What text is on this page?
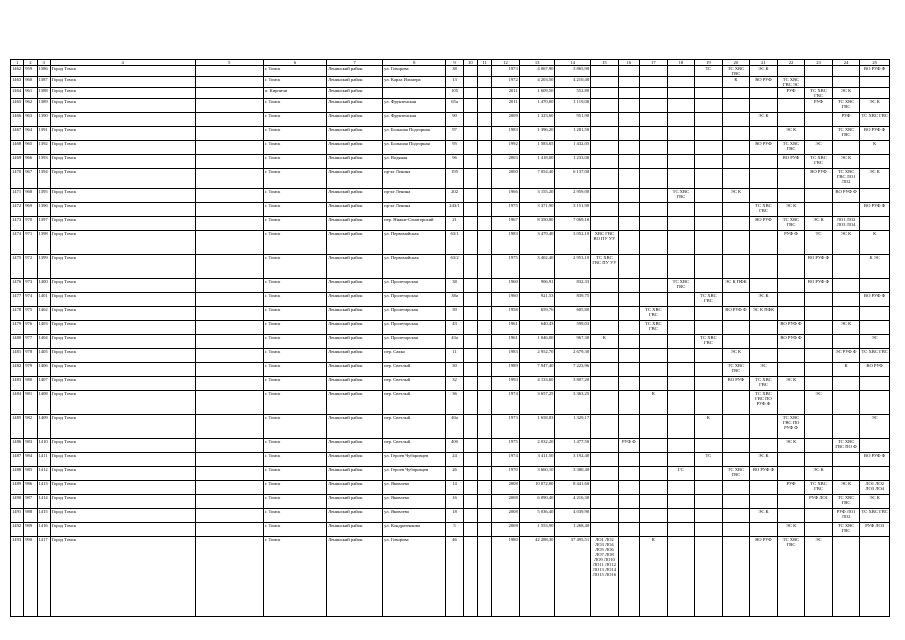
1	2	3	4	5	6	7	8	9	10	11	12	13	14	15	16	17	18	19	20	21	22	23	24	25
1462	959	1386	Город Томск		г. Томск	Ленинский район	ул. Говорова	38			1973	4 067,90	3 865,90					ТС	ТС ХВС ГВС	ЭС К				ВО РУФ Ф
1463	960	1387	Город Томск		г. Томск	Ленинский район	ул. Карла Ильмера	13			1972	4 203,50	4 210,40						К	ВО РУФ	ТС ХВС ГВС ЭС			
1464	961	1388	Город Томск		п. Кирпичи	Ленинский район		105			2011	1 609,50	552,80								РУФ	ТС ХВС ГВС	ЭС К	
1465	962	1389	Город Томск		г. Томск	Ленинский район	ул. Фрунзенская	65а			2011	1 470,00	1 119,00									РУФ	ТС ХВС ГВС	ЭС К
1466	963	1390	Город Томск		г. Томск	Ленинский район	ул. Фрунзенская	90			2009	1 323,60	951,90							ЭС К			РУФ	ТС ХВС ГВС
1467	964	1391	Город Томск		г. Томск	Ленинский район	ул. Большая Подгорная	97			1983	1 396,20	1 281,50								ЭС К		ТС ХВС ГВС	ВО РУФ Ф
1468	965	1392	Город Томск		г. Томск	Ленинский район	ул. Большая Подгорная	95			1992	1 583,65	1 432,05							ВО РУФ	ТС ХВС ГВС	ЭС		К
1469	966	1393	Город Томск		г. Томск	Ленинский район	ул. Водяная	96			2003	1 418,00	1 233,00								ВО РУФ	ТС ХВС ГВС	ЭС К	
1470	967	1394	Город Томск		г. Томск	Ленинский район	пр-кт Ленина	195			2000	7 054,40	6 137,00									ВО РУФ	ТС ХВС ГВС ЛО1 ЛО2	ЭС К
1471	968	1395	Город Томск		г. Томск	Ленинский район	пр-кт Ленина	202			1966	3 155,20	2 959,00				ТС ХВС ГВС		ЭС К				ВО РУФ Ф	
1472	969	1396	Город Томск		г. Томск	Ленинский район	пр-кт Ленина	243/1			1975	3 371,90	3 151,90							ТС ХВС ГВС	ЭС К			ВО РУФ Ф
1473	970	1397	Город Томск		г. Томск	Ленинский район	пер. Нижне-Сенаторский	21			1967	8 350,80	7 069,10							ВО РУФ	ТС ХВС ГВС	ЭС К	ЛО1 ЛО2 ЛО3 ЛО4	
1474	971	1398	Город Томск		г. Томск	Ленинский район	ул. Первомайская	63/1			1983	3 479,40	3 052,10	ХВС ГВС ВО ПУ УУ							РУФ Ф	ТС	ЭС К	К
1475	972	1399	Город Томск		г. Томск	Ленинский район	ул. Первомайская	63/2			1975	3 402,40	2 953,10	ТС ХВС ГВС ПУ УУ								ВО РУФ Ф		К ЭС
1476	973	1400	Город Томск		г. Томск	Ленинский район	ул. Пролетарская	38			1960	906,91	832,33				ТС ХВС ГВС		ЭС К ПФК			ВО РУФ Ф		
1477	974	1401	Город Томск		г. Томск	Ленинский район	ул. Пролетарская	38а			1960	921,53	839,75					ТС ХВС ГВС		ЭС К				ВО РУФ Ф
1478	975	1402	Город Томск		г. Томск	Ленинский район	ул. Пролетарская	39			1958	659,76	605,80			ТС ХВС ГВС			ВО РУФ Ф	ЭС К ПФК				
1479	976	1403	Город Томск		г. Томск	Ленинский район	ул. Пролетарская	43			1961	640,43	599,03			ТС ХВС ГВС					ВО РУФ Ф		ЭС К	
1480	977	1404	Город Томск		г. Томск	Ленинский район	ул. Пролетарская	43а			1961	1 046,00	967,30	К				ТС ХВС ГВС			ВО РУФ Ф			ЭС
1481	978	1405	Город Томск		г. Томск	Ленинский район	пер. Сакко	11			1983	2 952,70	2 679,30						ЭС К				ЭС РУФ Ф	ТС ХВС ГВС
1482	979	1406	Город Томск		г. Томск	Ленинский район	пер. Светлый	30			1989	7 947,40	7 223,96						ТС ХВС ГВС	ЭС			К	ВО РУФ
1483	980	1407	Город Томск		г. Томск	Ленинский район	пер. Светлый	32			1993	4 133,60	3 807,20						ВО РУФ	ТС ХВС ГВС	ЭС К			
1484	981	1408	Город Томск		г. Томск	Ленинский район	пер. Светлый	36			1974	3 657,25	3 363,25			К				ТС ХВС ГВС ПО РУФ Ф		ЭС		
1485	982	1409	Город Томск		г. Томск	Ленинский район	пер. Светлый	40а			1973	1 658,83	1 329,17					К			ТС ХВС ГВС ПО РУФ Ф			ЭС
1486	983	1410	Город Томск		г. Томск	Ленинский район	пер. Светлый	40б			1975	2 032,20	1 477,50		РУФ Ф						ЭС К		ТС ХВС ГВС ПО Ф	
1487	984	1411	Город Томск		г. Томск	Ленинский район	ул. Героев Чубаровцев	24			1974	3 411,50	3 192,40					ТС		ЭС К				ВО РУФ Ф
1488	985	1412	Город Томск		г. Томск	Ленинский район	ул. Героев Чубаровцев	26			1970	3 660,10	3 380,40				ГС		ТС ХВС ГВС	ВО РУФ Ф		ЭС К		
1489	986	1413	Город Томск		г. Томск	Ленинский район	ул. Яковлева	14			2008	10 072,00	8 441,60								РУФ	ТС ХВС ГВС	ЭС К	ЛО1 ЛО2 ЛО3 ЛО4
1490	987	1414	Город Томск		г. Томск	Ленинский район	ул. Яковлева	16			2008	6 090,40	4 216,30									РУФ ЛО1	ТС ХВС ГВС	ЭС К
1491	988	1415	Город Томск		г. Томск	Ленинский район	ул. Яковлева	18			2008	5 036,40	4 039,90							ЭС К			РУФ ЛО1 ЛО2	ТС ХВС ГВС
1492	989	1416	Город Томск		г. Томск	Ленинский район	ул. Кондратенкова	5			2008	1 553,90	1 268,40								ЭС К		ТС ХВС ГВС	РУФ ЛО3
1493	990	1417	Город Томск		г. Томск	Ленинский район	ул. Говорова	46			1980	42 288,30	37 495,51	ЛО1 ЛО2 ЛО3 ЛО4 ЛО5 ЛО6 ЛО7 ЛО8 ЛО9 ЛО10 ЛО11 ЛО12 ЛО13 ЛО14 ЛО15 ЛО16		К				ВО РУФ	ТС ХВС ГВС	ЭС		
